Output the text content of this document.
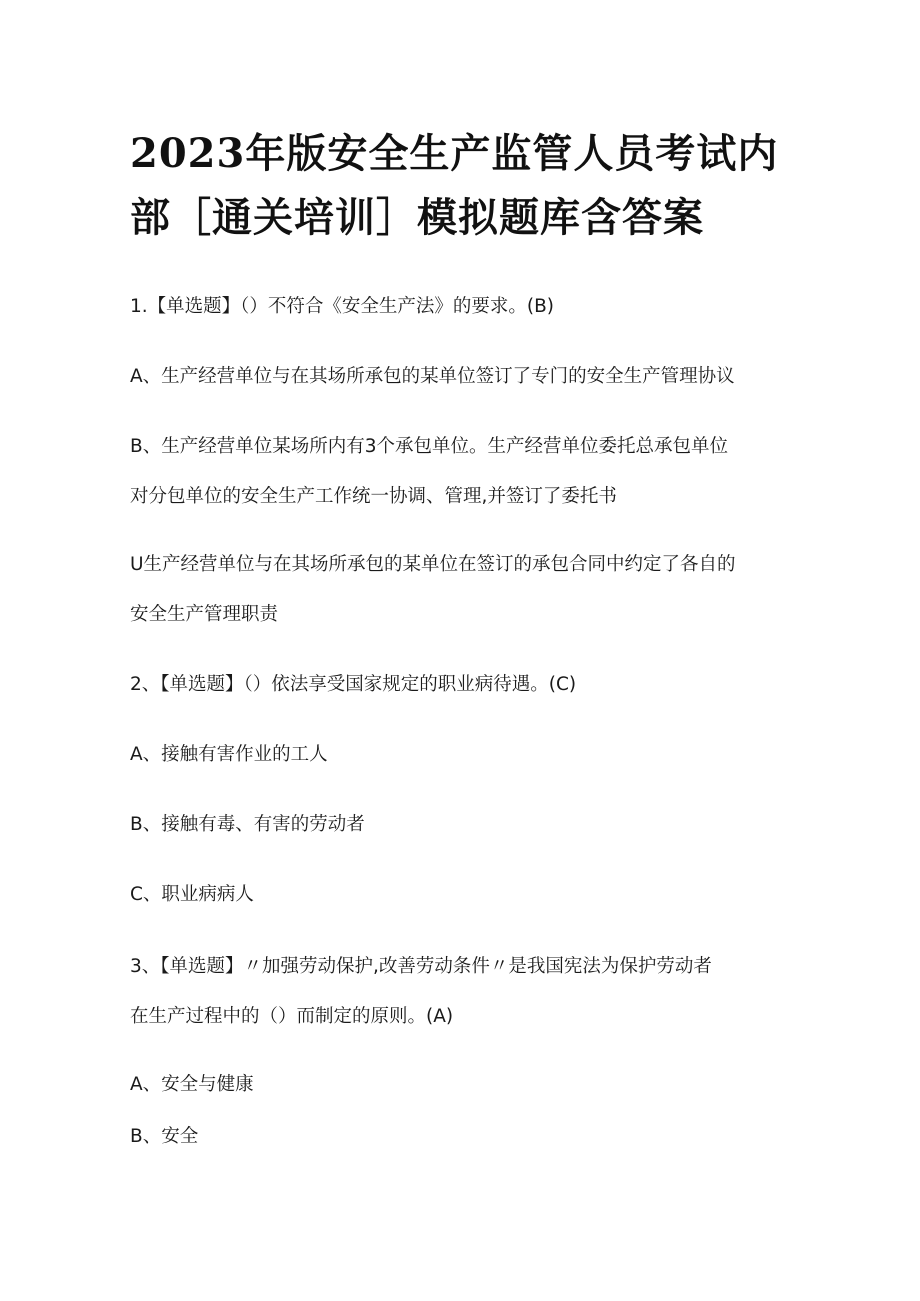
2023年版安全生产监管人员考试内
部［通关培训］模拟题库含答案

1.【单选题】（）不符合《安全生产法》的要求。(B)

A、生产经营单位与在其场所承包的某单位签订了专门的安全生产管理协议

B、生产经营单位某场所内有3个承包单位。生产经营单位委托总承包单位

对分包单位的安全生产工作统一协调、管理,并签订了委托书

U生产经营单位与在其场所承包的某单位在签订的承包合同中约定了各自的

安全生产管理职责

2、【单选题】（）依法享受国家规定的职业病待遇。(C)

A、接触有害作业的工人

B、接触有毒、有害的劳动者

C、职业病病人

3、【单选题】〃加强劳动保护,改善劳动条件〃是我国宪法为保护劳动者

在生产过程中的（）而制定的原则。(A)

A、安全与健康

B、安全
